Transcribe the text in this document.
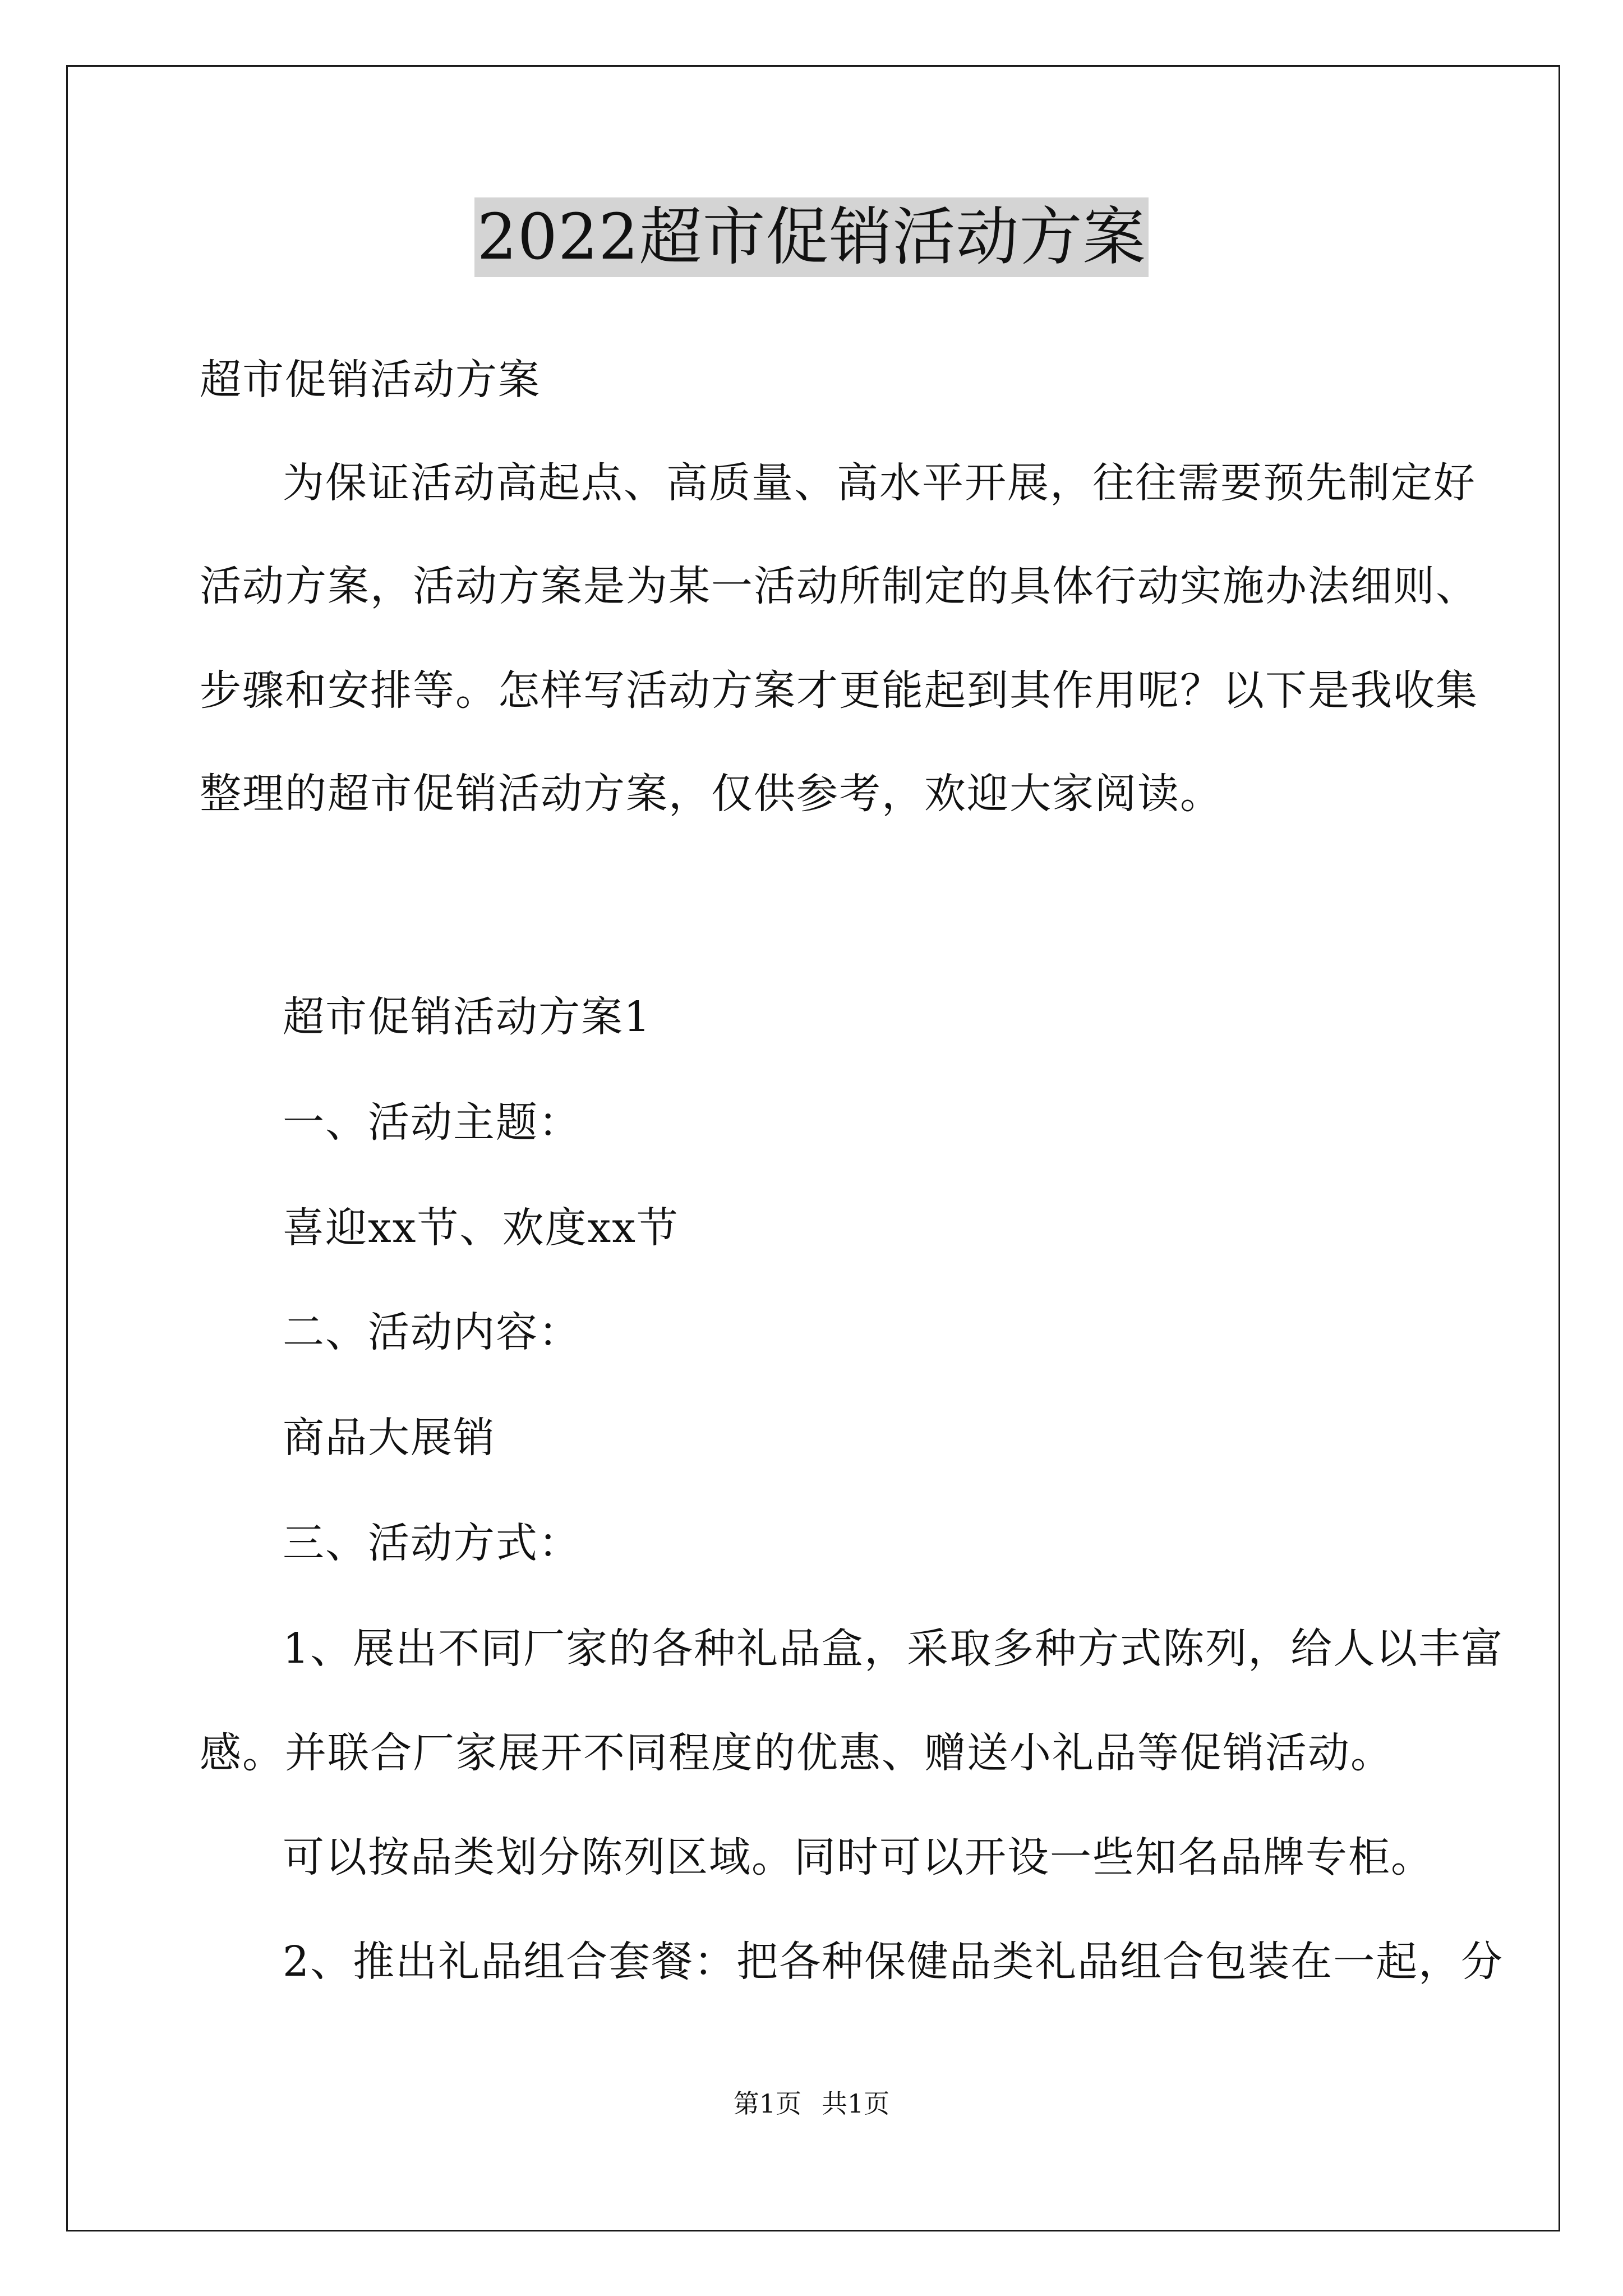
2022超市促销活动方案
超市促销活动方案
为保证活动高起点、高质量、高水平开展，往往需要预先制定好
活动方案，活动方案是为某一活动所制定的具体行动实施办法细则、
步骤和安排等。怎样写活动方案才更能起到其作用呢？以下是我收集
整理的超市促销活动方案，仅供参考，欢迎大家阅读。
超市促销活动方案1
一、活动主题：
喜迎xx节、欢度xx节
二、活动内容：
商品大展销
三、活动方式：
1、展出不同厂家的各种礼品盒，采取多种方式陈列，给人以丰富
感。并联合厂家展开不同程度的优惠、赠送小礼品等促销活动。
可以按品类划分陈列区域。同时可以开设一些知名品牌专柜。
2、推出礼品组合套餐：把各种保健品类礼品组合包装在一起，分
第1页 共1页
